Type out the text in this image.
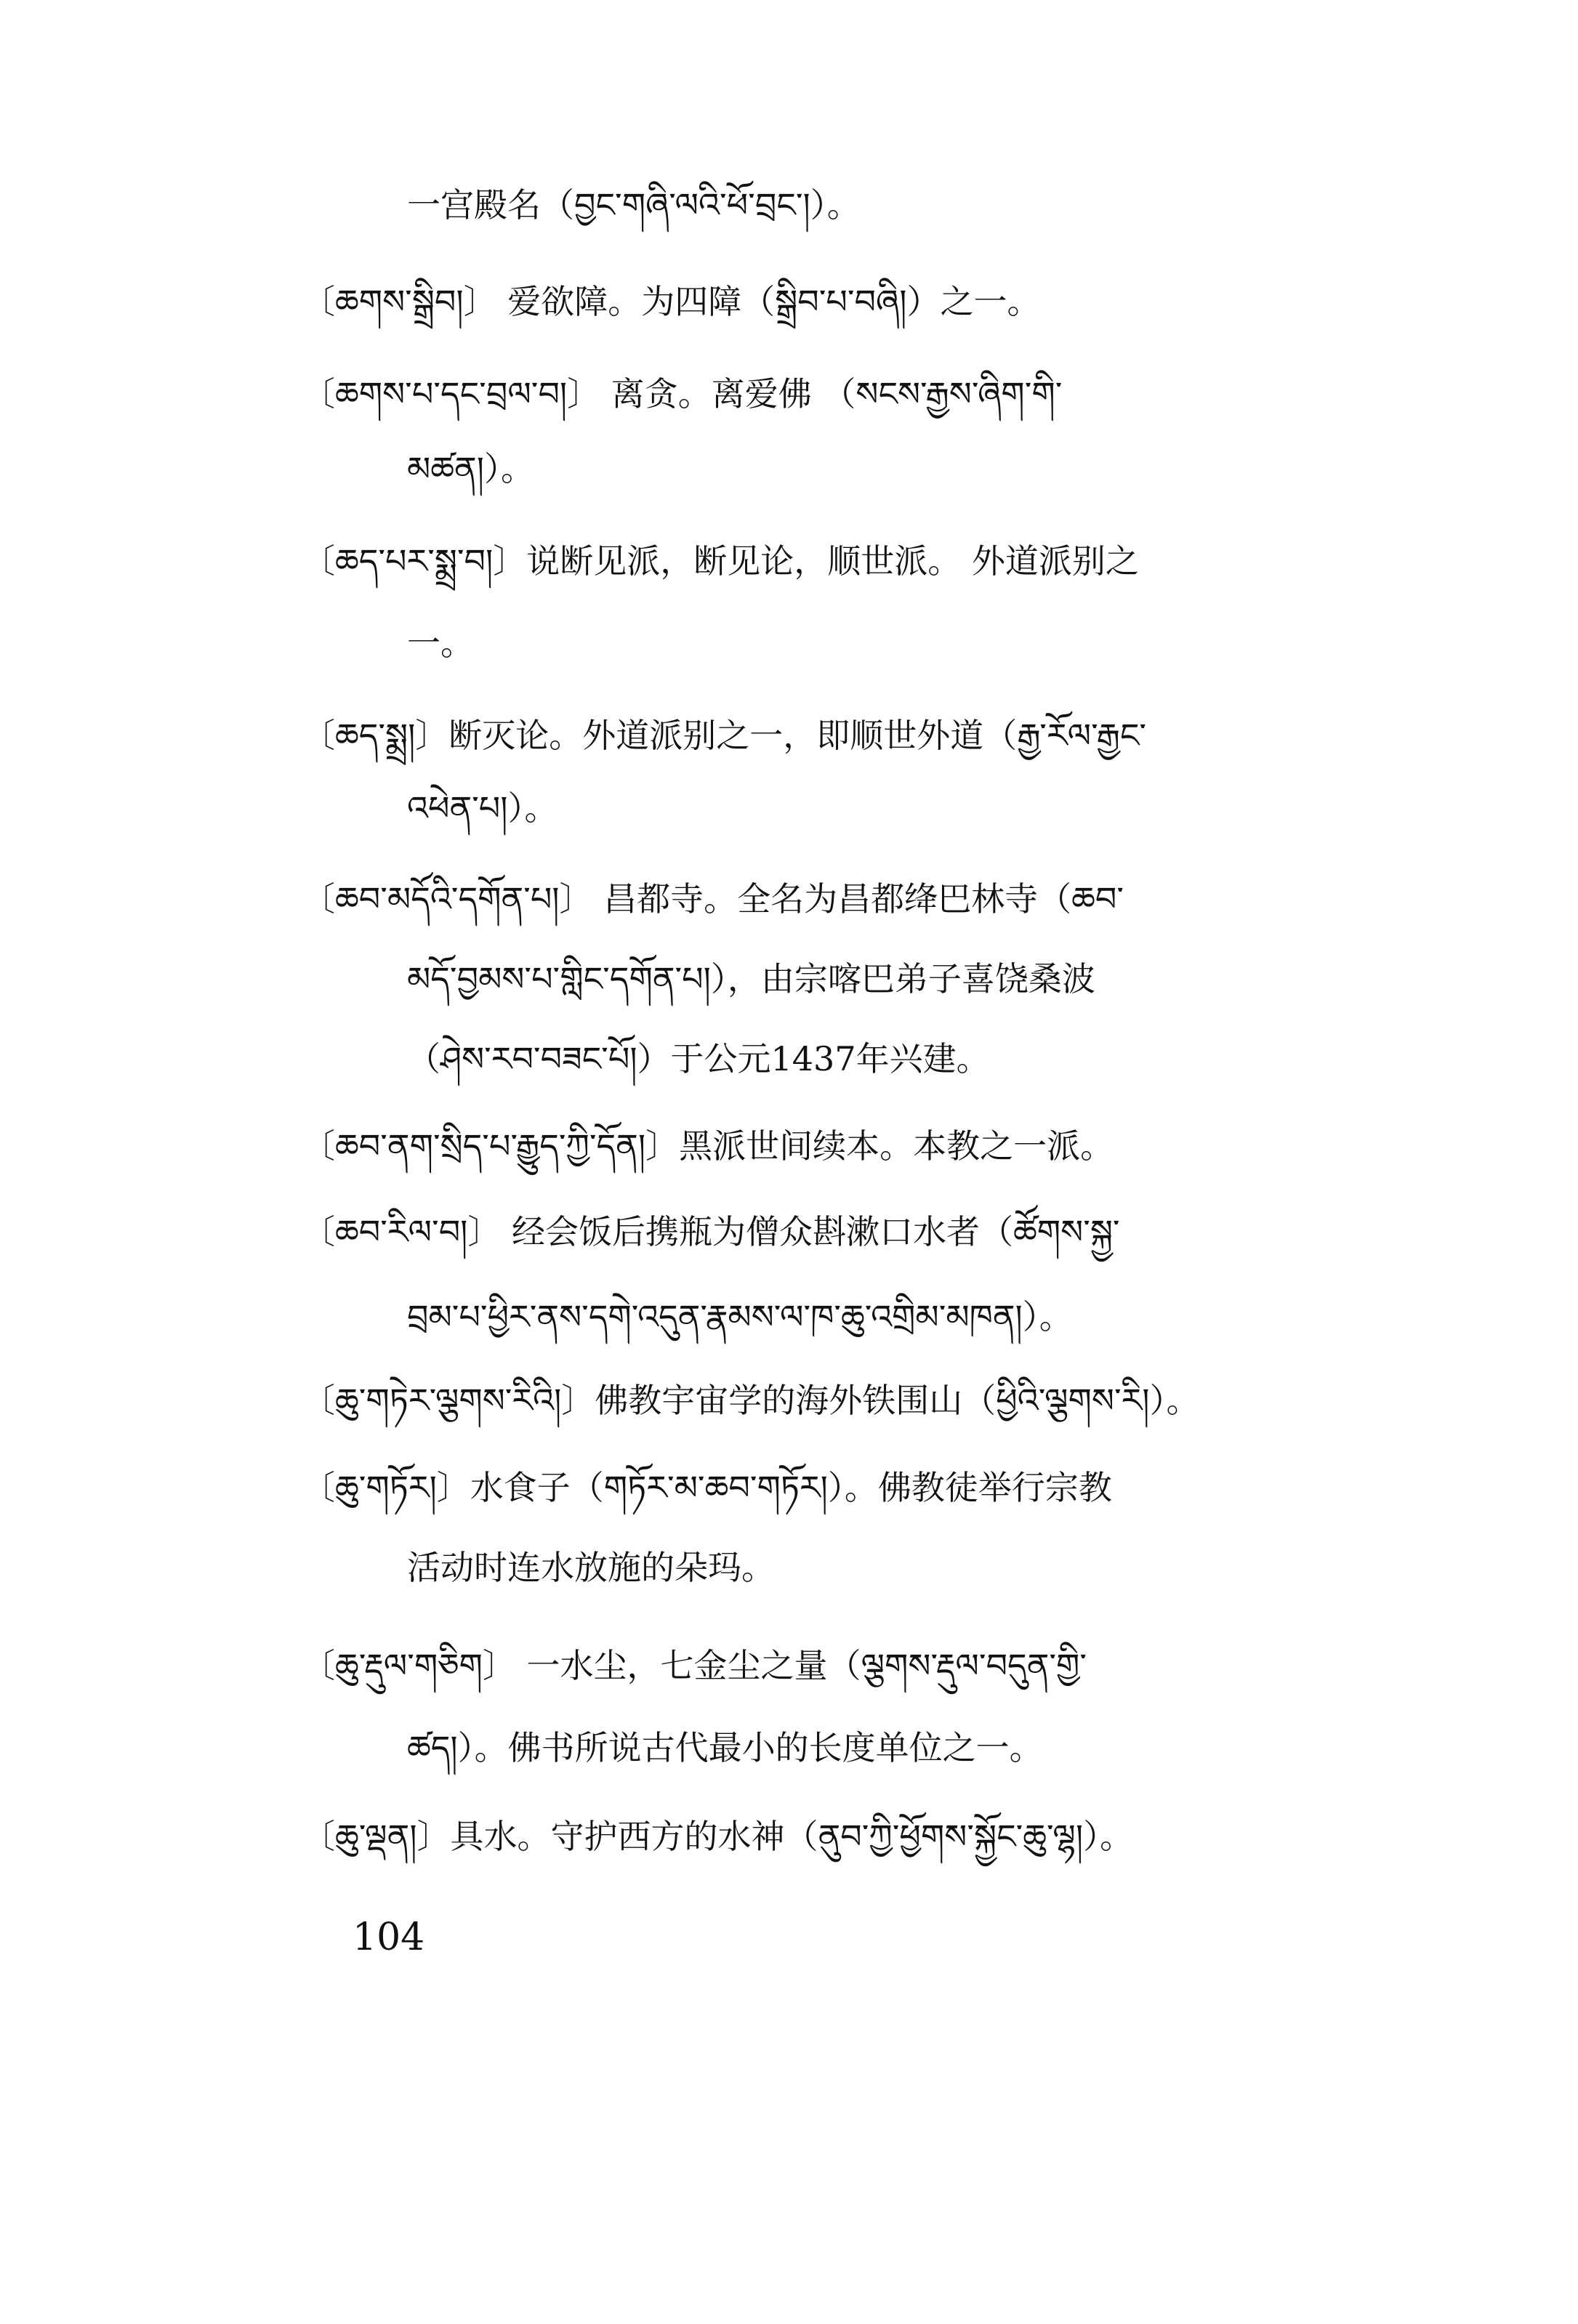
一宫殿名（བྱང་གཞི་ལའི་ཕོ་བྲང་།）。
〔ཆགས་སྒྲིབ།〕 爱欲障。为四障（སྒྲིབ་པ་བཞི།）之一。
〔ཆགས་པ་དང་བྲལ་བ།〕 离贪。离爱佛 （སངས་རྒྱས་ཞིག་གི་
མཚན།）。
〔ཆད་པར་སྨྲ་བ།〕说断见派，断见论，顺世派。 外道派别之
一。
〔ཆད་སྨྲ།〕断灭论。外道派别之一，即顺世外道（རྒྱ་རོལ་རྒྱང་
འཕེན་པ།）。
〔ཆབ་མདོའི་དགོན་པ།〕 昌都寺。全名为昌都绛巴林寺（ཆབ་
མདོ་བྱམས་པ་གླིང་དགོན་པ།），由宗喀巴弟子喜饶桑波
（ཤེས་རབ་བཟང་པོ།）于公元1437年兴建。
〔ཆབ་ནག་སྲིད་པ་རྒྱུད་ཀྱི་དོན།〕黑派世间续本。本教之一派。
〔ཆབ་རིལ་བ།〕 经会饭后携瓶为僧众斟漱口水者（ཚོགས་སྐྱ་
བྲམ་པ་ཕྱིར་ནས་དགེ་འདུན་རྣམས་ལ་ཁ་ཆུ་འགྲིམ་མཁན།）。
〔ཆུ་གཏེར་ལྕགས་རིའི།〕佛教宇宙学的海外铁围山（ཕྱིའི་ལྕགས་རི།）。
〔ཆུ་གཏོར།〕水食子（གཏོར་མ་ཆབ་གཏོར།）。佛教徒举行宗教
活动时连水放施的朵玛。
〔ཆུ་རྡུལ་གཅིག〕 一水尘，七金尘之量（ལྕགས་རྡུལ་བདུན་གྱི་
ཚད།）。佛书所说古代最小的长度单位之一。
〔ཆུ་ལྡན།〕具水。守护西方的水神（ནུབ་ཀྱི་ཕྱོགས་སྐྱོང་ཆུ་ལྷ།）。
104
